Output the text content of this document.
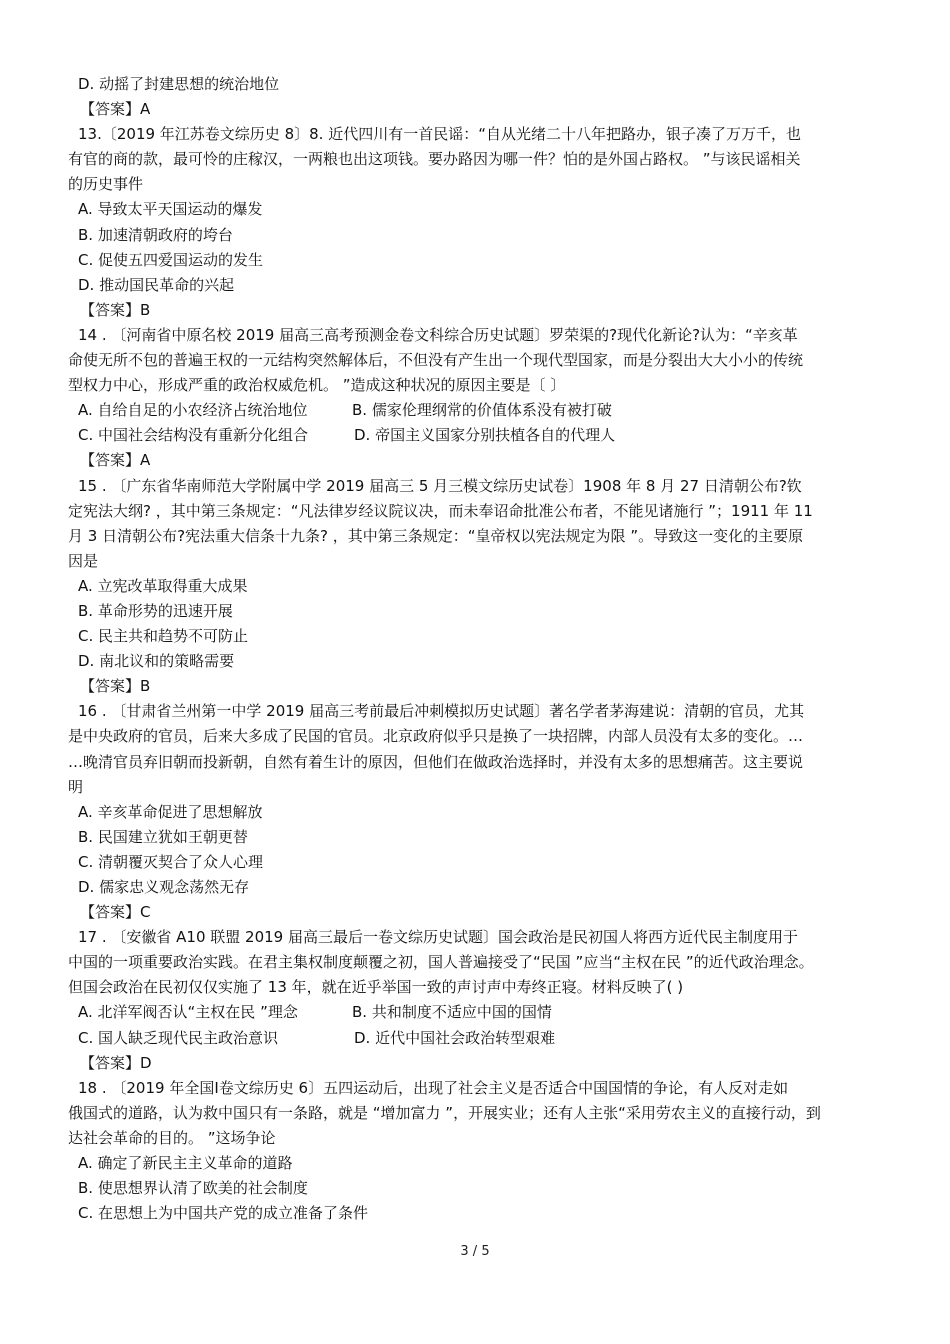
D. 动摇了封建思想的统治地位
【答案】A
13.〔2019 年江苏卷文综历史 8〕8. 近代四川有一首民谣：“自从光绪二十八年把路办，银子凑了万万千，也
有官的商的款，最可怜的庄稼汉，一两粮也出这项钱。要办路因为哪一件？怕的是外国占路权。 ”与该民谣相关
的历史事件
A. 导致太平天国运动的爆发
B. 加速清朝政府的垮台
C. 促使五四爱国运动的发生
D. 推动国民革命的兴起
【答案】B
14 . 〔河南省中原名校 2019 届高三高考预测金卷文科综合历史试题〕罗荣渠的?现代化新论?认为：“辛亥革
命使无所不包的普遍王权的一元结构突然解体后，不但没有产生出一个现代型国家，而是分裂出大大小小的传统
型权力中心，形成严重的政治权威危机。 ”造成这种状况的原因主要是〔 〕
A. 自给自足的小农经济占统治地位	B. 儒家伦理纲常的价值体系没有被打破
C. 中国社会结构没有重新分化组合	D. 帝国主义国家分别扶植各自的代理人
【答案】A
15 . 〔广东省华南师范大学附属中学 2019 届高三 5 月三模文综历史试卷〕1908 年 8 月 27 日清朝公布?钦
定宪法大纲? ，其中第三条规定：“凡法律岁经议院议决，而未奉诏命批准公布者，不能见诸施行 ”；1911 年 11
月 3 日清朝公布?宪法重大信条十九条? ，其中第三条规定：“皇帝权以宪法规定为限 ”。导致这一变化的主要原
因是
A. 立宪改革取得重大成果
B. 革命形势的迅速开展
C. 民主共和趋势不可防止
D. 南北议和的策略需要
【答案】B
16 . 〔甘肃省兰州第一中学 2019 届高三考前最后冲刺模拟历史试题〕著名学者茅海建说：清朝的官员，尤其
是中央政府的官员，后来大多成了民国的官员。北京政府似乎只是换了一块招牌，内部人员没有太多的变化。…
…晚清官员弃旧朝而投新朝，自然有着生计的原因，但他们在做政治选择时，并没有太多的思想痛苦。这主要说
明
A. 辛亥革命促进了思想解放
B. 民国建立犹如王朝更替
C. 清朝覆灭契合了众人心理
D. 儒家忠义观念荡然无存
【答案】C
17 . 〔安徽省 A10 联盟 2019 届高三最后一卷文综历史试题〕国会政治是民初国人将西方近代民主制度用于
中国的一项重要政治实践。在君主集权制度颠覆之初，国人普遍接受了“民国 ”应当“主权在民 ”的近代政治理念。
但国会政治在民初仅仅实施了 13 年，就在近乎举国一致的声讨声中寿终正寝。材料反映了( )
A. 北洋军阀否认“主权在民 ”理念	B. 共和制度不适应中国的国情
C. 国人缺乏现代民主政治意识	D. 近代中国社会政治转型艰难
【答案】D
18 . 〔2019 年全国Ⅰ卷文综历史 6〕五四运动后，出现了社会主义是否适合中国国情的争论，有人反对走如
俄国式的道路，认为救中国只有一条路，就是 “增加富力 ”，开展实业；还有人主张“采用劳农主义的直接行动，到
达社会革命的目的。 ”这场争论
A. 确定了新民主主义革命的道路
B. 使思想界认清了欧美的社会制度
C. 在思想上为中国共产党的成立准备了条件
3 / 5
